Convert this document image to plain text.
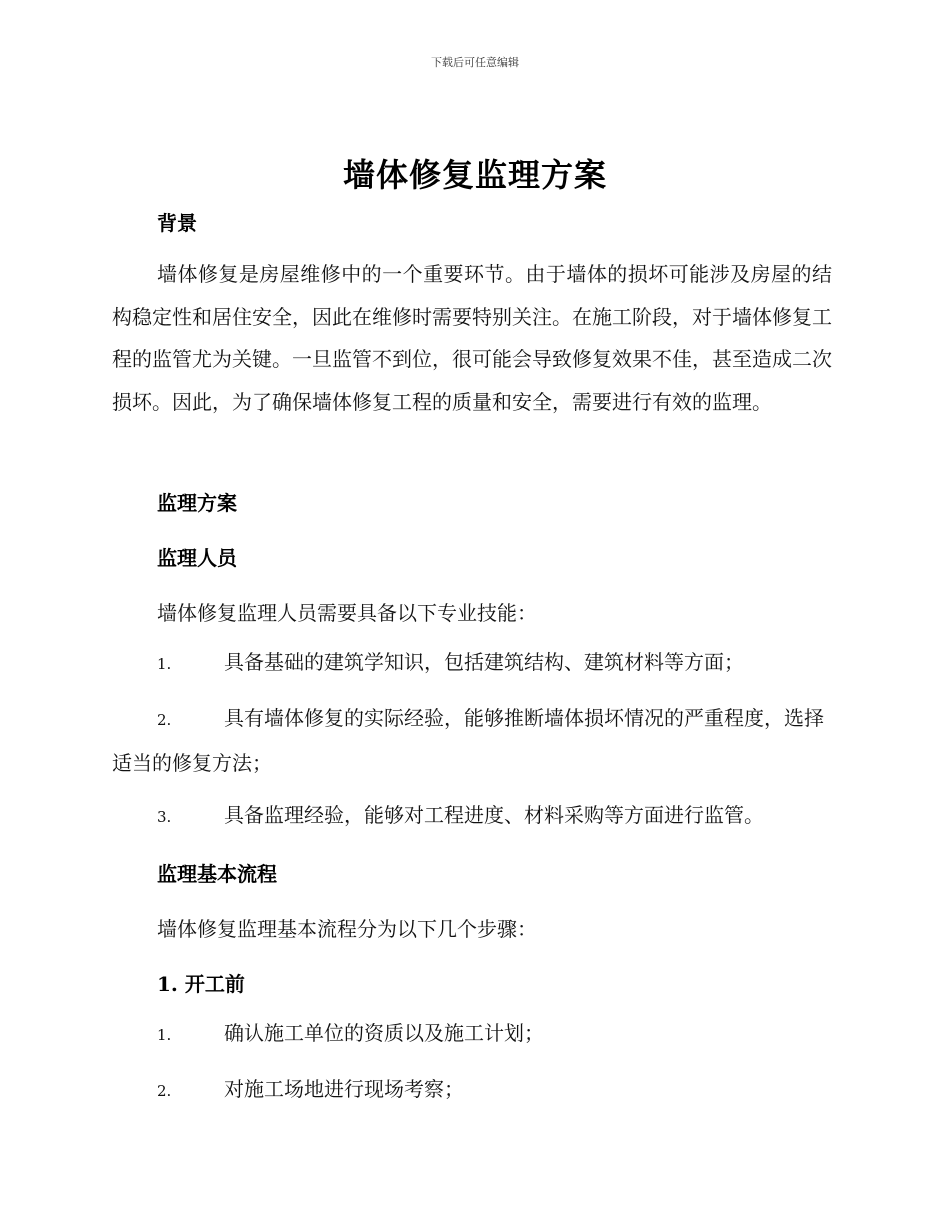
下载后可任意编辑
墙体修复监理方案
背景
墙体修复是房屋维修中的一个重要环节。由于墙体的损坏可能涉及房屋的结构稳定性和居住安全，因此在维修时需要特别关注。在施工阶段，对于墙体修复工程的监管尤为关键。一旦监管不到位，很可能会导致修复效果不佳，甚至造成二次损坏。因此，为了确保墙体修复工程的质量和安全，需要进行有效的监理。
监理方案
监理人员
墙体修复监理人员需要具备以下专业技能：
1.	具备基础的建筑学知识，包括建筑结构、建筑材料等方面；
2.	具有墙体修复的实际经验，能够推断墙体损坏情况的严重程度，选择适当的修复方法；
3.	具备监理经验，能够对工程进度、材料采购等方面进行监管。
监理基本流程
墙体修复监理基本流程分为以下几个步骤：
1. 开工前
1.	确认施工单位的资质以及施工计划；
2.	对施工场地进行现场考察；
